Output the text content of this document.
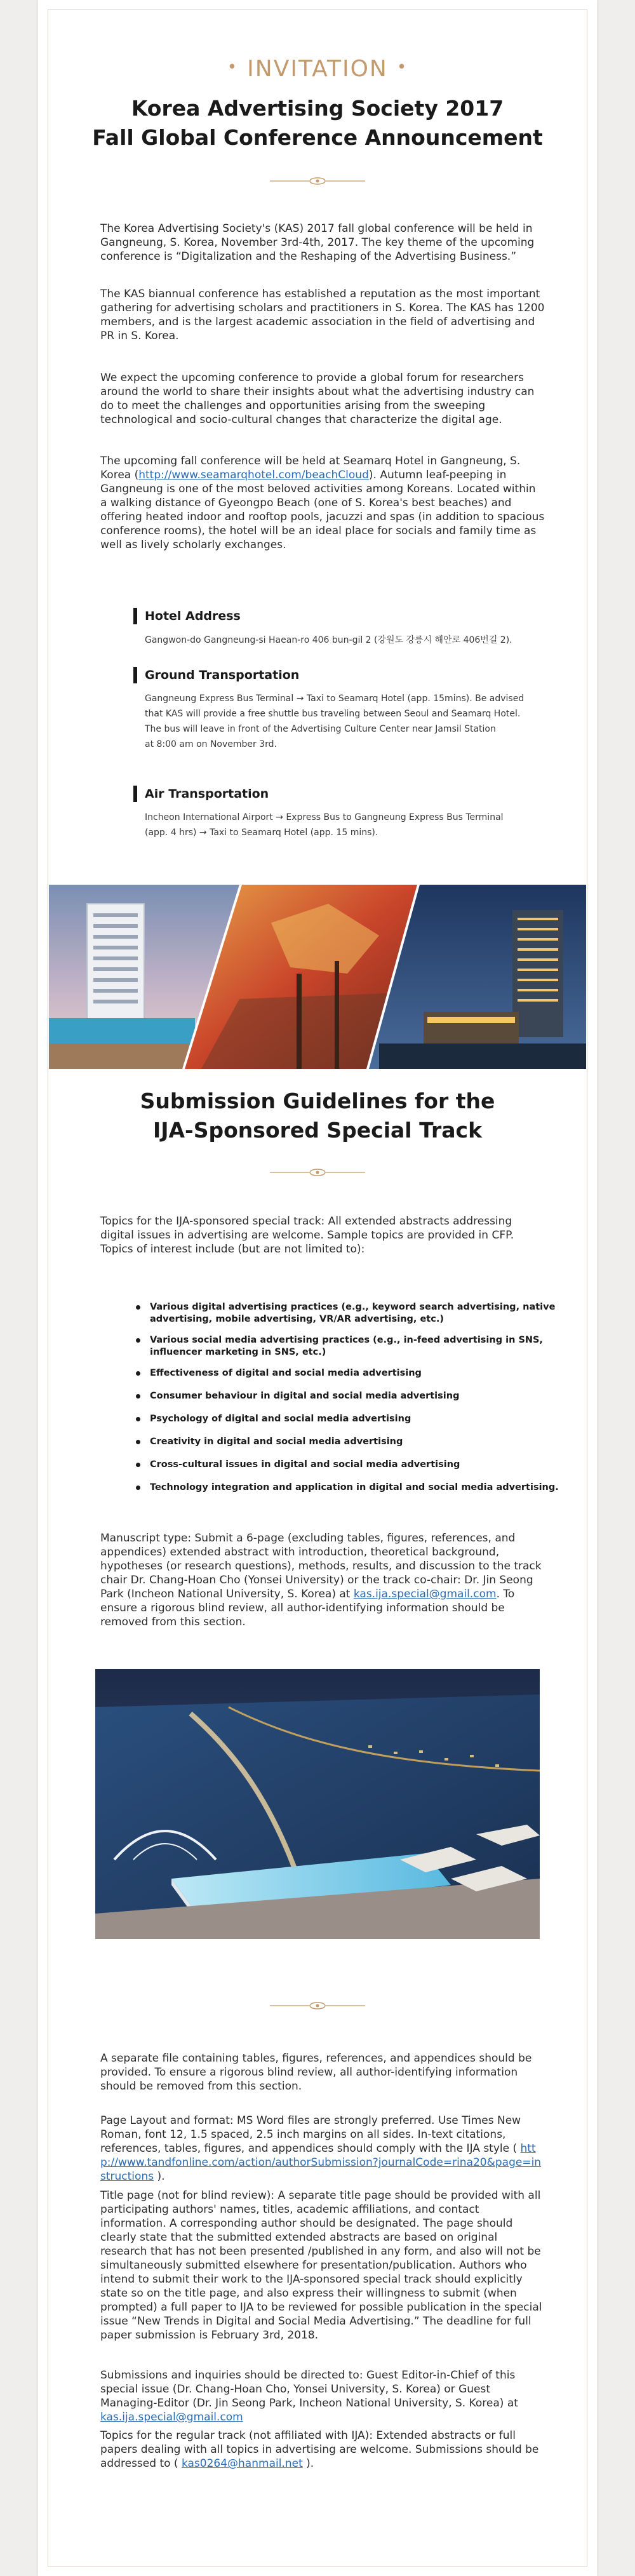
• INVITATION •
Korea Advertising Society 2017
Fall Global Conference Announcement
The Korea Advertising Society's (KAS) 2017 fall global conference will be held in Gangneung, S. Korea, November 3rd-4th, 2017. The key theme of the upcoming conference is “Digitalization and the Reshaping of the Advertising Business.”
The KAS biannual conference has established a reputation as the most important gathering for advertising scholars and practitioners in S. Korea. The KAS has 1200 members, and is the largest academic association in the field of advertising and PR in S. Korea.
We expect the upcoming conference to provide a global forum for researchers around the world to share their insights about what the advertising industry can do to meet the challenges and opportunities arising from the sweeping technological and socio-cultural changes that characterize the digital age.
The upcoming fall conference will be held at Seamarq Hotel in Gangneung, S. Korea (http://www.seamarqhotel.com/beachCloud). Autumn leaf-peeping in Gangneung is one of the most beloved activities among Koreans. Located within a walking distance of Gyeongpo Beach (one of S. Korea's best beaches) and offering heated indoor and rooftop pools, jacuzzi and spas (in addition to spacious conference rooms), the hotel will be an ideal place for socials and family time as well as lively scholarly exchanges.
Hotel Address
Gangwon-do Gangneung-si Haean-ro 406 bun-gil 2 (강원도 강릉시 해안로 406번길 2).
Ground Transportation
Gangneung Express Bus Terminal → Taxi to Seamarq Hotel (app. 15mins). Be advised
that KAS will provide a free shuttle bus traveling between Seoul and Seamarq Hotel.
The bus will leave in front of the Advertising Culture Center near Jamsil Station
at 8:00 am on November 3rd.
Air Transportation
Incheon International Airport → Express Bus to Gangneung Express Bus Terminal
(app. 4 hrs) → Taxi to Seamarq Hotel (app. 15 mins).
Submission Guidelines for the
IJA-Sponsored Special Track
Topics for the IJA-sponsored special track: All extended abstracts addressing digital issues in advertising are welcome. Sample topics are provided in CFP. Topics of interest include (but are not limited to):
Various digital advertising practices (e.g., keyword search advertising, native advertising, mobile advertising, VR/AR advertising, etc.)
Various social media advertising practices (e.g., in-feed advertising in SNS, influencer marketing in SNS, etc.)
Effectiveness of digital and social media advertising
Consumer behaviour in digital and social media advertising
Psychology of digital and social media advertising
Creativity in digital and social media advertising
Cross-cultural issues in digital and social media advertising
Technology integration and application in digital and social media advertising.
Manuscript type: Submit a 6-page (excluding tables, figures, references, and appendices) extended abstract with introduction, theoretical background, hypotheses (or research questions), methods, results, and discussion to the track chair Dr. Chang-Hoan Cho (Yonsei University) or the track co-chair: Dr. Jin Seong Park (Incheon National University, S. Korea) at kas.ija.special@gmail.com. To ensure a rigorous blind review, all author-identifying information should be removed from this section.
A separate file containing tables, figures, references, and appendices should be provided. To ensure a rigorous blind review, all author-identifying information should be removed from this section.
Page Layout and format: MS Word files are strongly preferred. Use Times New Roman, font 12, 1.5 spaced, 2.5 inch margins on all sides. In-text citations, references, tables, figures, and appendices should comply with the IJA style ( http://www.tandfonline.com/action/authorSubmission?journalCode=rina20&page=instructions ).
Title page (not for blind review): A separate title page should be provided with all participating authors' names, titles, academic affiliations, and contact information. A corresponding author should be designated. The page should clearly state that the submitted extended abstracts are based on original research that has not been presented /published in any form, and also will not be simultaneously submitted elsewhere for presentation/publication. Authors who intend to submit their work to the IJA-sponsored special track should explicitly state so on the title page, and also express their willingness to submit (when prompted) a full paper to IJA to be reviewed for possible publication in the special issue “New Trends in Digital and Social Media Advertising.” The deadline for full paper submission is February 3rd, 2018.
Submissions and inquiries should be directed to: Guest Editor-in-Chief of this special issue (Dr. Chang-Hoan Cho, Yonsei University, S. Korea) or Guest Managing-Editor (Dr. Jin Seong Park, Incheon National University, S. Korea) at kas.ija.special@gmail.com
Topics for the regular track (not affiliated with IJA): Extended abstracts or full papers dealing with all topics in advertising are welcome. Submissions should be addressed to ( kas0264@hanmail.net ).
